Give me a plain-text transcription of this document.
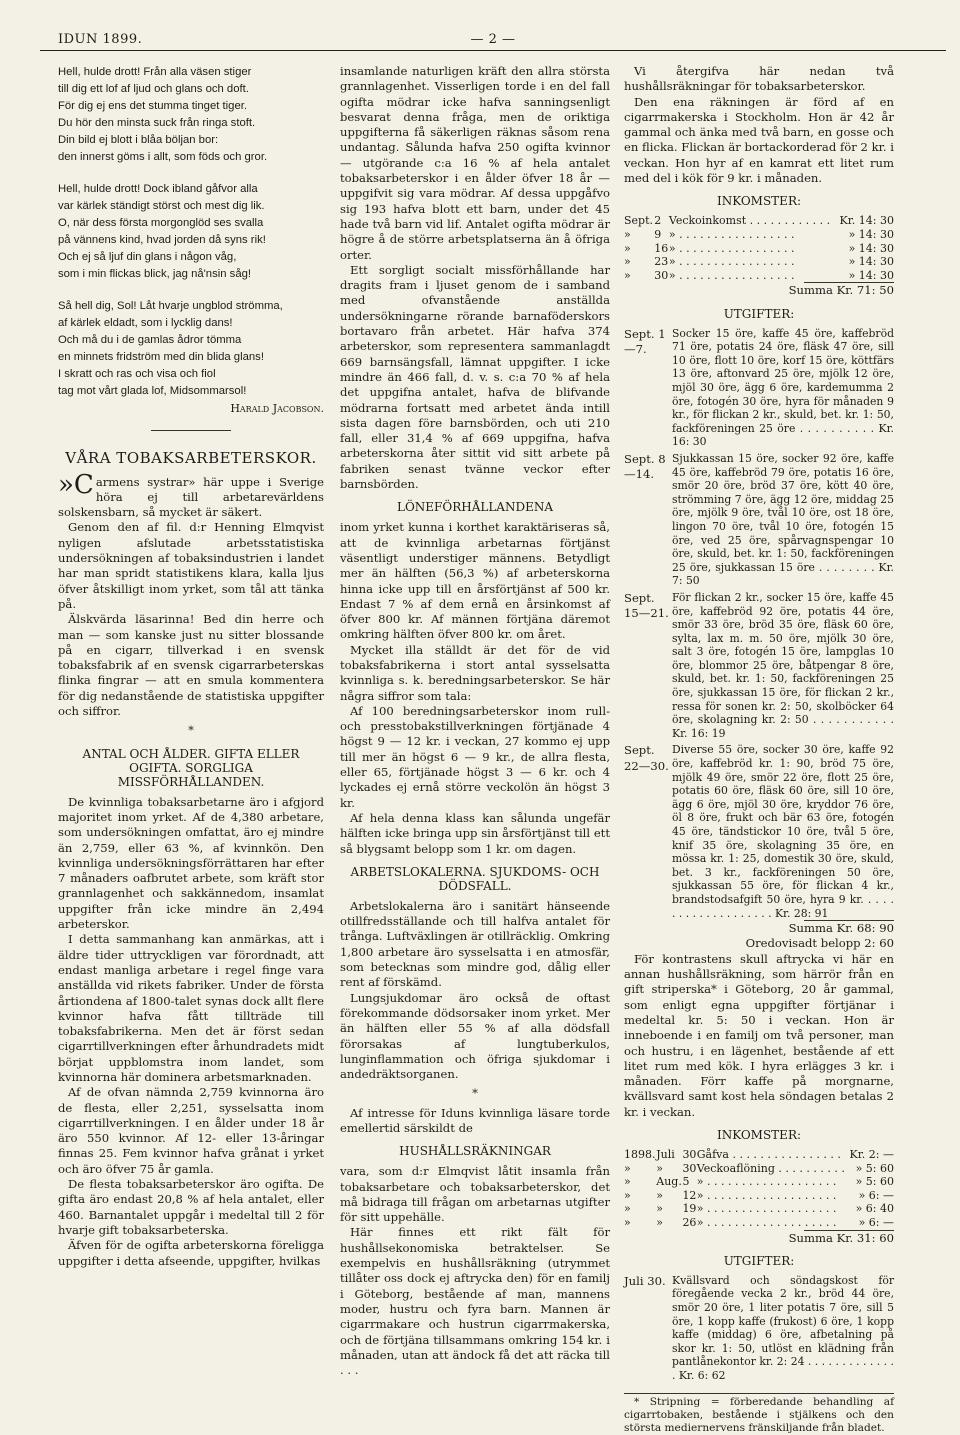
IDUN 1899.	— 2 —

Hell, hulde drott! Från alla väsen stiger

till dig ett lof af ljud och glans och doft.

För dig ej ens det stumma tinget tiger.

Du hör den minsta suck från ringa stoft.

Din bild ej blott i blåa böljan bor:

den innerst göms i allt, som föds och gror.

Hell, hulde drott! Dock ibland gåfvor alla

var kärlek ständigt störst och mest dig lik.

O, när dess första morgonglöd ses svalla

på vännens kind, hvad jorden då syns rik!

Och ej så ljuf din glans i någon våg,

som i min flickas blick, jag nå'nsin såg!

Så hell dig, Sol! Låt hvarje ungblod strömma,

af kärlek eldadt, som i lycklig dans!

Och må du i de gamlas ådror tömma

en minnets fridström med din blida glans!

I skratt och ras och visa och fiol

tag mot vårt glada lof, Midsommarsol!

Harald Jacobson.
VÅRA TOBAKSARBETERSKOR.

»C armens systrar» här uppe i Sverige höra ej till arbetarevärldens solskensbarn, så mycket är säkert.

Genom den af fil. d:r Henning Elmqvist nyligen afslutade arbetsstatistiska undersökningen af tobaksindustrien i landet har man spridt statistikens klara, kalla ljus öfver åtskilligt inom yrket, som tål att tänka på.

Älskvärda läsarinna! Bed din herre och man — som kanske just nu sitter blossande på en cigarr, tillverkad i en svensk tobaksfabrik af en svensk cigarrarbeterskas flinka fingrar — att en smula kommentera för dig nedanstående de statistiska uppgifter och siffror.

*
ANTAL OCH ÅLDER. GIFTA ELLER OGIFTA. SORGLIGA MISSFÖRHÅLLANDEN.

De kvinnliga tobaksarbetarne äro i afgjord majoritet inom yrket. Af de 4,380 arbetare, som undersökningen omfattat, äro ej mindre än 2,759, eller 63 %, af kvinnkön. Den kvinnliga undersökningsförrättaren har efter 7 månaders oafbrutet arbete, som kräft stor grannlagenhet och sakkännedom, insamlat uppgifter från icke mindre än 2,494 arbeterskor.

I detta sammanhang kan anmärkas, att i äldre tider uttryckligen var förordnadt, att endast manliga arbetare i regel finge vara anställda vid rikets fabriker. Under de första årtiondena af 1800-talet synas dock allt flere kvinnor hafva fått tillträde till tobaksfabrikerna. Men det är först sedan cigarrtillverkningen efter århundradets midt börjat uppblomstra inom landet, som kvinnorna här dominera arbetsmarknaden.

Af de ofvan nämnda 2,759 kvinnorna äro de flesta, eller 2,251, sysselsatta inom cigarrtillverkningen. I en ålder under 18 år äro 550 kvinnor. Af 12- eller 13-åringar finnas 25. Fem kvinnor hafva grånat i yrket och äro öfver 75 år gamla.

De flesta tobaksarbeterskor äro ogifta. De gifta äro endast 20,8 % af hela antalet, eller 460. Barnantalet uppgår i medeltal till 2 för hvarje gift tobaksarbeterska.

Äfven för de ogifta arbeterskorna föreligga uppgifter i detta afseende, uppgifter, hvilkas

insamlande naturligen kräft den allra största grannlagenhet. Visserligen torde i en del fall ogifta mödrar icke hafva sanningsenligt besvarat denna fråga, men de oriktiga uppgifterna få säkerligen räknas såsom rena undantag. Sålunda hafva 250 ogifta kvinnor — utgörande c:a 16 % af hela antalet tobaksarbeterskor i en ålder öfver 18 år — uppgifvit sig vara mödrar. Af dessa uppgåfvo sig 193 hafva blott ett barn, under det 45 hade två barn vid lif. Antalet ogifta mödrar är högre å de större arbetsplatserna än å öfriga orter.

Ett sorgligt socialt missförhållande har dragits fram i ljuset genom de i samband med ofvanstående anställda undersökningarne rörande barnaföderskors bortavaro från arbetet. Här hafva 374 arbeterskor, som representera sammanlagdt 669 barnsängsfall, lämnat uppgifter. I icke mindre än 466 fall, d. v. s. c:a 70 % af hela det uppgifna antalet, hafva de blifvande mödrarna fortsatt med arbetet ända intill sista dagen före barnsbörden, och uti 210 fall, eller 31,4 % af 669 uppgifna, hafva arbeterskorna åter sittit vid sitt arbete på fabriken senast tvänne veckor efter barnsbörden.

LÖNEFÖRHÅLLANDENA

inom yrket kunna i korthet karaktäriseras så, att de kvinnliga arbetarnas förtjänst väsentligt understiger männens. Betydligt mer än hälften (56,3 %) af arbeterskorna hinna icke upp till en årsförtjänst af 500 kr. Endast 7 % af dem ernå en årsinkomst af öfver 800 kr. Af männen förtjäna däremot omkring hälften öfver 800 kr. om året.

Mycket illa ställdt är det för de vid tobaksfabrikerna i stort antal sysselsatta kvinnliga s. k. beredningsarbeterskor. Se här några siffror som tala:

Af 100 beredningsarbeterskor inom rull- och presstobakstillverkningen förtjänade 4 högst 9 — 12 kr. i veckan, 27 kommo ej upp till mer än högst 6 — 9 kr., de allra flesta, eller 65, förtjänade högst 3 — 6 kr. och 4 lyckades ej ernå större veckolön än högst 3 kr.

Af hela denna klass kan sålunda ungefär hälften icke bringa upp sin årsförtjänst till ett så blygsamt belopp som 1 kr. om dagen.

ARBETSLOKALERNA. SJUKDOMS- OCH DÖDSFALL.

Arbetslokalerna äro i sanitärt hänseende otillfredsställande och till halfva antalet för trånga. Luftväxlingen är otillräcklig. Omkring 1,800 arbetare äro sysselsatta i en atmosfär, som betecknas som mindre god, dålig eller rent af förskämd.

Lungsjukdomar äro också de oftast förekommande dödsorsaker inom yrket. Mer än hälften eller 55 % af alla dödsfall förorsakas af lungtuberkulos, lunginflammation och öfriga sjukdomar i andedräktsorganen.

*

Af intresse för Iduns kvinnliga läsare torde emellertid särskildt de

HUSHÅLLSRÄKNINGAR

vara, som d:r Elmqvist låtit insamla från tobaksarbetare och tobaksarbeterskor, det må bidraga till frågan om arbetarnas utgifter för sitt uppehälle.

Här finnes ett rikt fält för hushållsekonomiska betraktelser. Se exempelvis en hushållsräkning (utrymmet tillåter oss dock ej aftrycka den) för en familj i Göteborg, bestående af man, mannens moder, hustru och fyra barn. Mannen är cigarrmakare och hustrun cigarrmakerska, och de förtjäna tillsammans omkring 154 kr. i månaden, utan att ändock få det att räcka till . . .

Vi återgifva här nedan två hushållsräkningar för tobaksarbeterskor.

Den ena räkningen är förd af en cigarrmakerska i Stockholm. Hon är 42 år gammal och änka med två barn, en gosse och en flicka. Flickan är bortackorderad för 2 kr. i veckan. Hon hyr af en kamrat ett litet rum med del i kök för 9 kr. i månaden.

INKOMSTER:
Sept.	2	Veckoinkomst . . . . . . . . . . . .	Kr. 14: 30
»	9	» . . . . . . . . . . . . . . . . .	» 14: 30
»	16	» . . . . . . . . . . . . . . . . .	» 14: 30
»	23	» . . . . . . . . . . . . . . . . .	» 14: 30
»	30	» . . . . . . . . . . . . . . . . .	» 14: 30
Summa Kr. 71: 50
UTGIFTER:
Sept. 1—7.
Socker 15 öre, kaffe 45 öre, kaffebröd 71 öre, potatis 24 öre, fläsk 47 öre, sill 10 öre, flott 10 öre, korf 15 öre, köttfärs 13 öre, aftonvard 25 öre, mjölk 12 öre, mjöl 30 öre, ägg 6 öre, kardemumma 2 öre, fotogén 30 öre, hyra för månaden 9 kr., för flickan 2 kr., skuld, bet. kr. 1: 50, fackföreningen 25 öre . . . . . . . . . . Kr. 16: 30
Sept. 8—14.
Sjukkassan 15 öre, socker 92 öre, kaffe 45 öre, kaffebröd 79 öre, potatis 16 öre, smör 20 öre, bröd 37 öre, kött 40 öre, strömming 7 öre, ägg 12 öre, middag 25 öre, mjölk 9 öre, tvål 10 öre, ost 18 öre, lingon 70 öre, tvål 10 öre, fotogén 15 öre, ved 25 öre, spårvagnspengar 10 öre, skuld, bet. kr. 1: 50, fackföreningen 25 öre, sjukkassan 15 öre . . . . . . . . Kr. 7: 50
Sept. 15—21.
För flickan 2 kr., socker 15 öre, kaffe 45 öre, kaffebröd 92 öre, potatis 44 öre, smör 33 öre, bröd 35 öre, fläsk 60 öre, sylta, lax m. m. 50 öre, mjölk 30 öre, salt 3 öre, fotogén 15 öre, lampglas 10 öre, blommor 25 öre, båtpengar 8 öre, skuld, bet. kr. 1: 50, fackföreningen 25 öre, sjukkassan 15 öre, för flickan 2 kr., ressa för sonen kr. 2: 50, skolböcker 64 öre, skolagning kr. 2: 50 . . . . . . . . . . . Kr. 16: 19
Sept. 22—30.
Diverse 55 öre, socker 30 öre, kaffe 92 öre, kaffebröd kr. 1: 90, bröd 75 öre, mjölk 49 öre, smör 22 öre, flott 25 öre, potatis 60 öre, fläsk 60 öre, sill 10 öre, ägg 6 öre, mjöl 30 öre, kryddor 76 öre, öl 8 öre, frukt och bär 63 öre, fotogén 45 öre, tändstickor 10 öre, tvål 5 öre, knif 35 öre, skolagning 35 öre, en mössa kr. 1: 25, domestik 30 öre, skuld, bet. 3 kr., fackföreningen 50 öre, sjukkassan 55 öre, för flickan 4 kr., brandstodsafgift 50 öre, hyra 9 kr. . . . . . . . . . . . . . . . . . . . Kr. 28: 91
Summa Kr. 68: 90
Oredovisadt belopp 2: 60

För kontrastens skull aftrycka vi här en annan hushållsräkning, som härrör från en gift striperska* i Göteborg, 20 år gammal, som enligt egna uppgifter förtjänar i medeltal kr. 5: 50 i veckan. Hon är inneboende i en familj om två personer, man och hustru, i en lägenhet, bestående af ett litet rum med kök. I hyra erlägges 3 kr. i månaden. Förr kaffe på morgnarne, kvällsvard samt kost hela söndagen betalas 2 kr. i veckan.

INKOMSTER:
1898.	Juli	30	Gåfva . . . . . . . . . . . . . . . .	Kr. 2: —
»	»	30	Veckoaflöning . . . . . . . . . .	» 5: 60
»	Aug.	5	» . . . . . . . . . . . . . . . . . . .	» 5: 60
»	»	12	» . . . . . . . . . . . . . . . . . . .	» 6: —
»	»	19	» . . . . . . . . . . . . . . . . . . .	» 6: 40
»	»	26	» . . . . . . . . . . . . . . . . . . .	» 6: —
Summa Kr. 31: 60
UTGIFTER:
Juli 30. Kvällsvard och söndagskost för föregående vecka 2 kr., bröd 44 öre, smör 20 öre, 1 liter potatis 7 öre, sill 5 öre, 1 kopp kaffe (frukost) 6 öre, 1 kopp kaffe (middag) 6 öre, afbetalning på skor kr. 1: 50, utlöst en klädning från pantlånekontor kr. 2: 24 . . . . . . . . . . . . . . Kr. 6: 62
* Stripning = förberedande behandling af cigarrtobaken, bestående i stjälkens och den största mediernervens fränskiljande från bladet.
